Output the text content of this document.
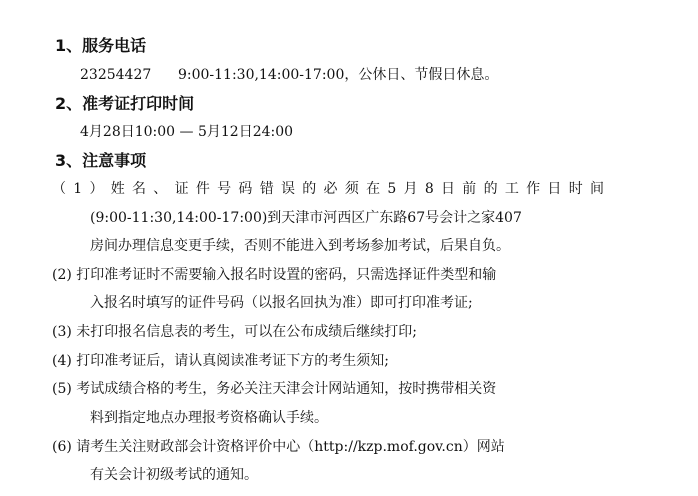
1、服务电话
23254427      9:00-11:30,14:00-17:00，公休日、节假日休息。
2、准考证打印时间
4月28日10:00 — 5月12日24:00
3、注意事项
（1）姓名、证件号码错误的必须在5月8日前的工作日时间
(9:00-11:30,14:00-17:00)到天津市河西区广东路67号会计之家407
房间办理信息变更手续，否则不能进入到考场参加考试，后果自负。
(2) 打印准考证时不需要输入报名时设置的密码，只需选择证件类型和输
入报名时填写的证件号码（以报名回执为准）即可打印准考证;
(3) 未打印报名信息表的考生，可以在公布成绩后继续打印;
(4) 打印准考证后，请认真阅读准考证下方的考生须知;
(5) 考试成绩合格的考生，务必关注天津会计网站通知，按时携带相关资
料到指定地点办理报考资格确认手续。
(6) 请考生关注财政部会计资格评价中心（http://kzp.mof.gov.cn）网站
有关会计初级考试的通知。
